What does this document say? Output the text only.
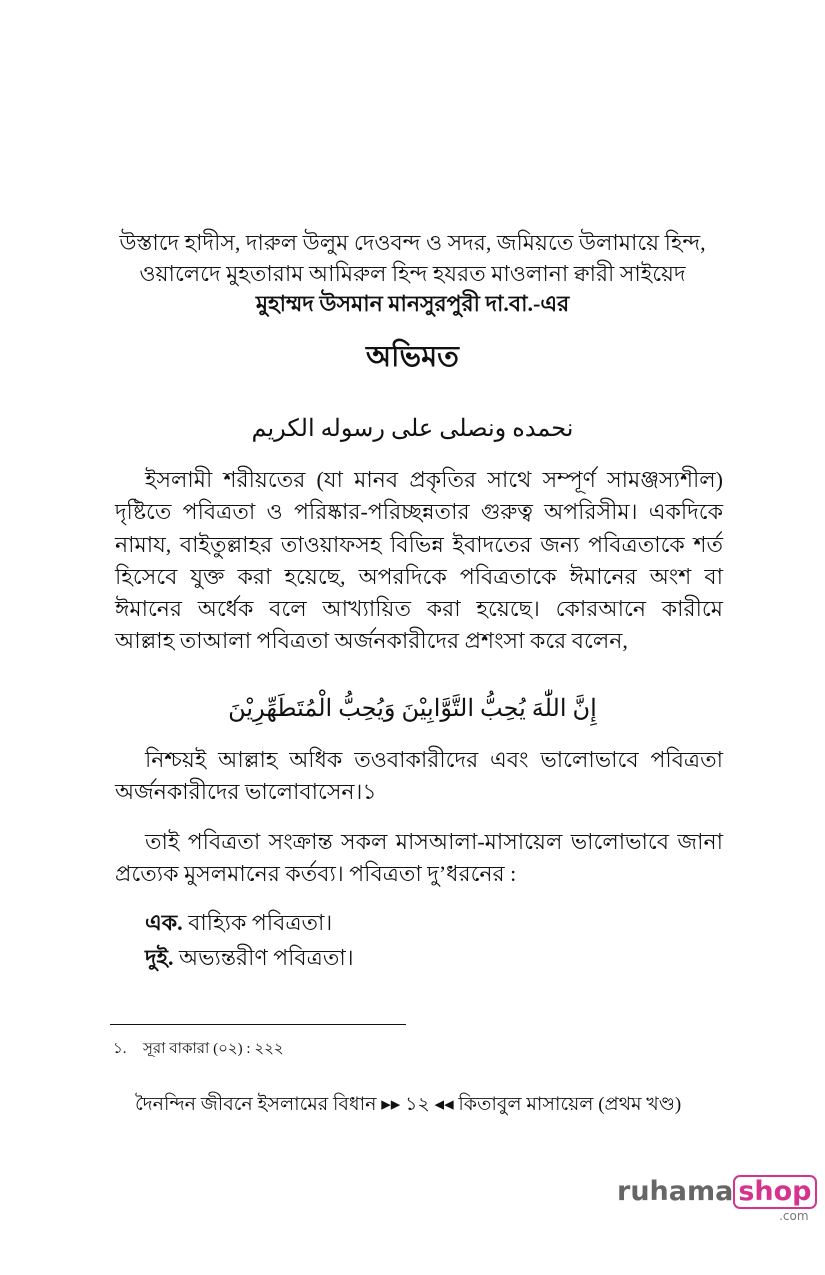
উস্তাদে হাদীস, দারুল উলুম দেওবন্দ ও সদর, জমিয়তে উলামায়ে হিন্দ,
ওয়ালেদে মুহতারাম আমিরুল হিন্দ হযরত মাওলানা ক্বারী সাইয়েদ
মুহাম্মদ উসমান মানসুরপুরী দা.বা.-এর
অভিমত
نحمده ونصلى على رسوله الكريم
ইসলামী শরীয়তের (যা মানব প্রকৃতির সাথে সম্পূর্ণ সামঞ্জস্যশীল)
দৃষ্টিতে পবিত্রতা ও পরিষ্কার-পরিচ্ছন্নতার গুরুত্ব অপরিসীম। একদিকে
নামায, বাইতুল্লাহর তাওয়াফসহ বিভিন্ন ইবাদতের জন্য পবিত্রতাকে শর্ত
হিসেবে যুক্ত করা হয়েছে, অপরদিকে পবিত্রতাকে ঈমানের অংশ বা
ঈমানের অর্ধেক বলে আখ্যায়িত করা হয়েছে। কোরআনে কারীমে
আল্লাহ তাআলা পবিত্রতা অর্জনকারীদের প্রশংসা করে বলেন,
إِنَّ اللّٰهَ يُحِبُّ التَّوَّابِيْنَ وَيُحِبُّ الْمُتَطَهِّرِيْنَ
নিশ্চয়ই আল্লাহ অধিক তওবাকারীদের এবং ভালোভাবে পবিত্রতা
অর্জনকারীদের ভালোবাসেন।১
তাই পবিত্রতা সংক্রান্ত সকল মাসআলা-মাসায়েল ভালোভাবে জানা
প্রত্যেক মুসলমানের কর্তব্য। পবিত্রতা দু’ধরনের :
এক. বাহ্যিক পবিত্রতা।
দুই. অভ্যন্তরীণ পবিত্রতা।
১. সূরা বাকারা (০২) : ২২২
দৈনন্দিন জীবনে ইসলামের বিধান ▸▸ ১২ ◂◂ কিতাবুল মাসায়েল (প্রথম খণ্ড)
ruhama shop
.com
